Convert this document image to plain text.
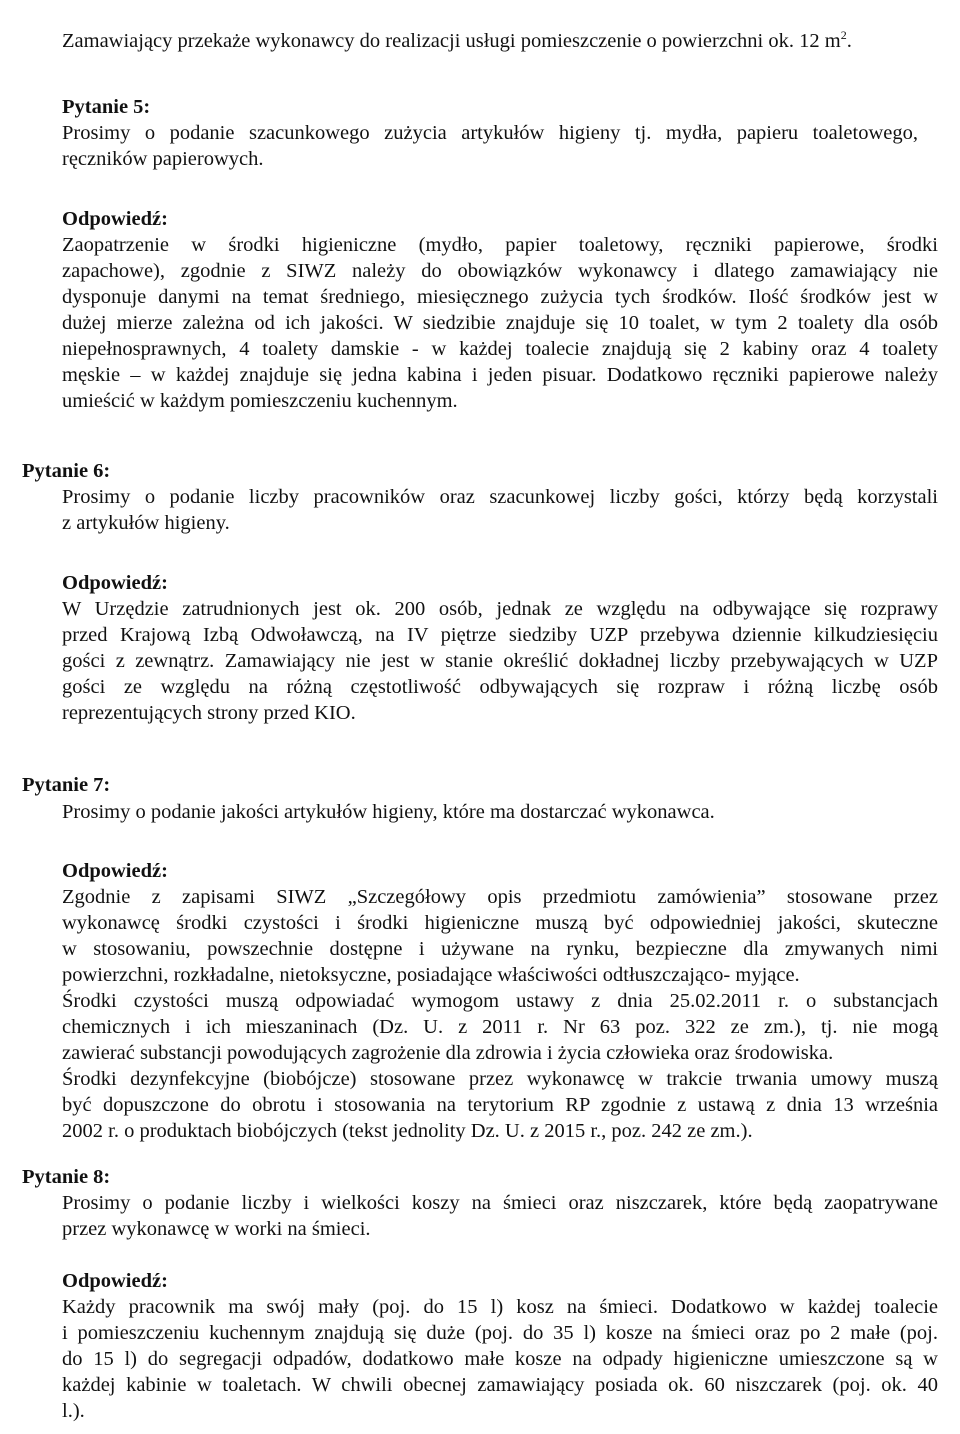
Zamawiający przekaże wykonawcy do realizacji usługi pomieszczenie o powierzchni ok. 12 $m^2$.

Pytanie 5:

Prosimy o podanie szacunkowego zużycia artykułów higieny tj. mydła, papieru toaletowego,
ręczników papierowych.

Odpowiedź:

Zaopatrzenie w środki higieniczne (mydło, papier toaletowy, ręczniki papierowe, środki
zapachowe), zgodnie z SIWZ należy do obowiązków wykonawcy i dlatego zamawiający nie
dysponuje danymi na temat średniego, miesięcznego zużycia tych środków. Ilość środków jest w
dużej mierze zależna od ich jakości. W siedzibie znajduje się 10 toalet, w tym 2 toalety dla osób
niepełnosprawnych, 4 toalety damskie - w każdej toalecie znajdują się 2 kabiny oraz 4 toalety
męskie – w każdej znajduje się jedna kabina i jeden pisuar. Dodatkowo ręczniki papierowe należy
umieścić w każdym pomieszczeniu kuchennym.

Pytanie 6:

Prosimy o podanie liczby pracowników oraz szacunkowej liczby gości, którzy będą korzystali
z artykułów higieny.

Odpowiedź:

W Urzędzie zatrudnionych jest ok. 200 osób, jednak ze względu na odbywające się rozprawy
przed Krajową Izbą Odwoławczą, na IV piętrze siedziby UZP przebywa dziennie kilkudziesięciu
gości z zewnątrz. Zamawiający nie jest w stanie określić dokładnej liczby przebywających w UZP
gości ze względu na różną częstotliwość odbywających się rozpraw i różną liczbę osób
reprezentujących strony przed KIO.

Pytanie 7:

Prosimy o podanie jakości artykułów higieny, które ma dostarczać wykonawca.

Odpowiedź:

Zgodnie z zapisami SIWZ „Szczegółowy opis przedmiotu zamówienia” stosowane przez
wykonawcę środki czystości i środki higieniczne muszą być odpowiedniej jakości, skuteczne
w stosowaniu, powszechnie dostępne i używane na rynku, bezpieczne dla zmywanych nimi
powierzchni, rozkładalne, nietoksyczne, posiadające właściwości odtłuszczająco- myjące.
Środki czystości muszą odpowiadać wymogom ustawy z dnia 25.02.2011 r. o substancjach
chemicznych i ich mieszaninach (Dz. U. z 2011 r. Nr 63 poz. 322 ze zm.), tj. nie mogą
zawierać substancji powodujących zagrożenie dla zdrowia i życia człowieka oraz środowiska.
Środki dezynfekcyjne (biobójcze) stosowane przez wykonawcę w trakcie trwania umowy muszą
być dopuszczone do obrotu i stosowania na terytorium RP zgodnie z ustawą z dnia 13 września
2002 r. o produktach biobójczych (tekst jednolity Dz. U. z 2015 r., poz. 242 ze zm.).

Pytanie 8:

Prosimy o podanie liczby i wielkości koszy na śmieci oraz niszczarek, które będą zaopatrywane
przez wykonawcę w worki na śmieci.

Odpowiedź:

Każdy pracownik ma swój mały (poj. do 15 l) kosz na śmieci. Dodatkowo w każdej toalecie
i pomieszczeniu kuchennym znajdują się duże (poj. do 35 l) kosze na śmieci oraz po 2 małe (poj.
do 15 l) do segregacji odpadów, dodatkowo małe kosze na odpady higieniczne umieszczone są w
każdej kabinie w toaletach. W chwili obecnej zamawiający posiada ok. 60 niszczarek (poj. ok. 40
l.).
